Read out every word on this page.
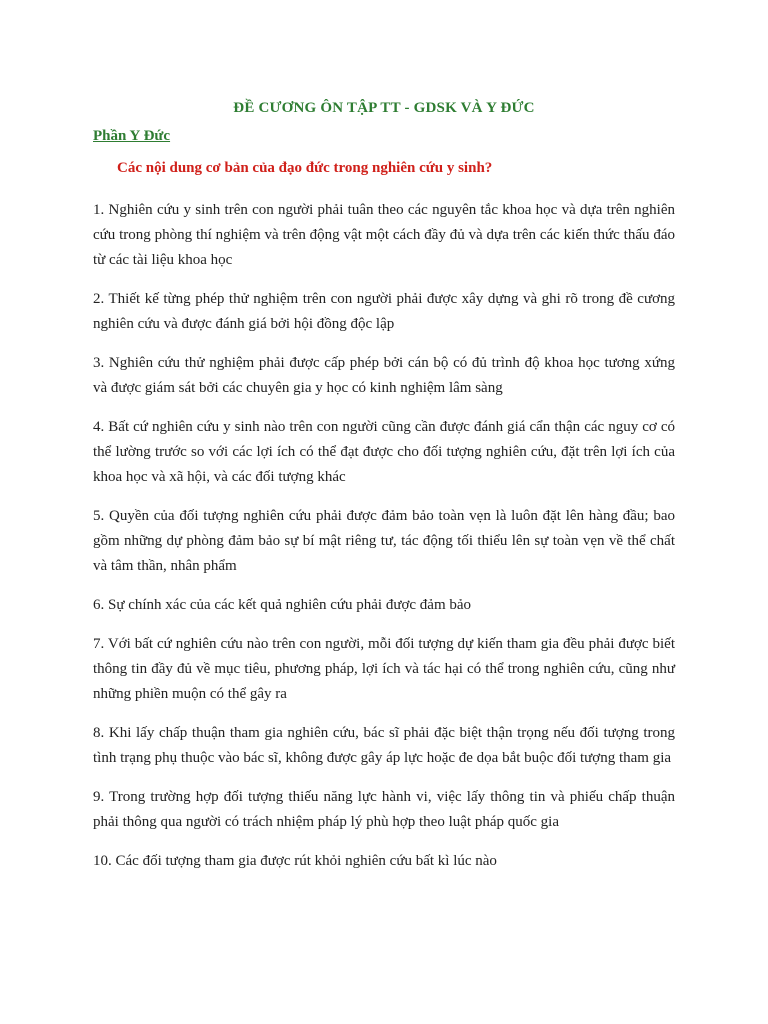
ĐỀ CƯƠNG ÔN TẬP TT - GDSK VÀ Y ĐỨC
Phần Y Đức

Các nội dung cơ bản của đạo đức trong nghiên cứu y sinh?

1. Nghiên cứu y sinh trên con người phải tuân theo các nguyên tắc khoa học và dựa trên nghiên cứu trong phòng thí nghiệm và trên động vật một cách đầy đủ và dựa trên các kiến thức thấu đáo từ các tài liệu khoa học
2. Thiết kế từng phép thử nghiệm trên con người phải được xây dựng và ghi rõ trong đề cương nghiên cứu và được đánh giá bởi hội đồng độc lập
3. Nghiên cứu thử nghiệm phải được cấp phép bởi cán bộ có đủ trình độ khoa học tương xứng và được giám sát bởi các chuyên gia y học có kinh nghiệm lâm sàng
4. Bất cứ nghiên cứu y sinh nào trên con người cũng cần được đánh giá cẩn thận các nguy cơ có thể lường trước so với các lợi ích có thể đạt được cho đối tượng nghiên cứu, đặt trên lợi ích của khoa học và xã hội, và các đối tượng khác
5. Quyền của đối tượng nghiên cứu phải được đảm bảo toàn vẹn là luôn đặt lên hàng đầu; bao gồm những dự phòng đảm bảo sự bí mật riêng tư, tác động tối thiểu lên sự toàn vẹn về thể chất và tâm thần, nhân phẩm
6. Sự chính xác của các kết quả nghiên cứu phải được đảm bảo
7. Với bất cứ nghiên cứu nào trên con người, mỗi đối tượng dự kiến tham gia đều phải được biết thông tin đầy đủ về mục tiêu, phương pháp, lợi ích và tác hại có thể trong nghiên cứu, cũng như những phiền muộn có thể gây ra
8. Khi lấy chấp thuận tham gia nghiên cứu, bác sĩ phải đặc biệt thận trọng nếu đối tượng trong tình trạng phụ thuộc vào bác sĩ, không được gây áp lực hoặc đe dọa bắt buộc đối tượng tham gia
9. Trong trường hợp đối tượng thiếu năng lực hành vi, việc lấy thông tin và phiếu chấp thuận phải thông qua người có trách nhiệm pháp lý phù hợp theo luật pháp quốc gia
10. Các đối tượng tham gia được rút khỏi nghiên cứu bất kì lúc nào
